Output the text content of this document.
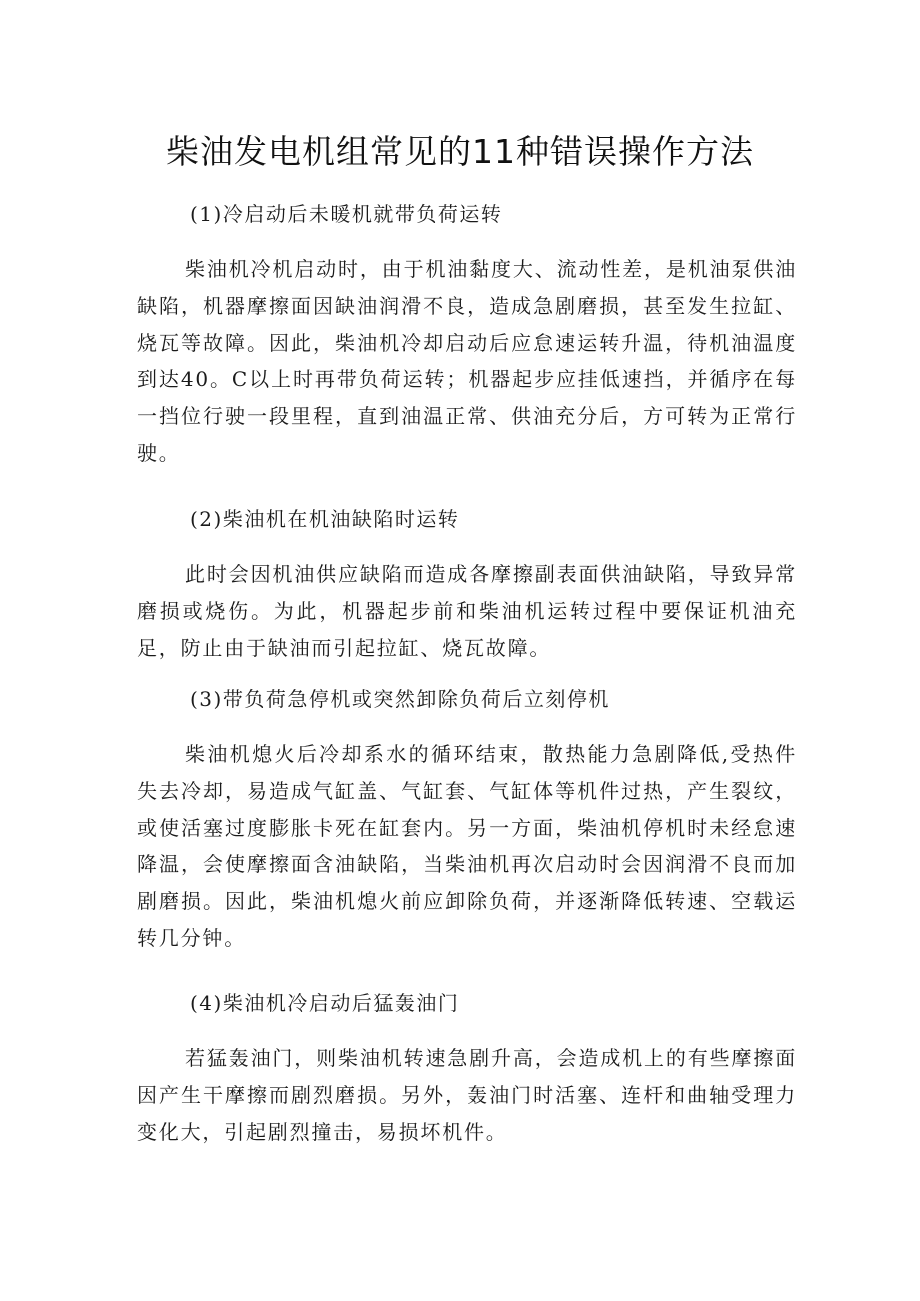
柴油发电机组常见的11种错误操作方法
(1)冷启动后未暖机就带负荷运转
柴油机冷机启动时，由于机油黏度大、流动性差，是机油泵供油缺陷，机器摩擦面因缺油润滑不良，造成急剧磨损，甚至发生拉缸、烧瓦等故障。因此，柴油机冷却启动后应怠速运转升温，待机油温度到达40。C以上时再带负荷运转；机器起步应挂低速挡，并循序在每一挡位行驶一段里程，直到油温正常、供油充分后，方可转为正常行驶。
(2)柴油机在机油缺陷时运转
此时会因机油供应缺陷而造成各摩擦副表面供油缺陷，导致异常磨损或烧伤。为此，机器起步前和柴油机运转过程中要保证机油充足，防止由于缺油而引起拉缸、烧瓦故障。
(3)带负荷急停机或突然卸除负荷后立刻停机
柴油机熄火后冷却系水的循环结束，散热能力急剧降低,受热件失去冷却，易造成气缸盖、气缸套、气缸体等机件过热，产生裂纹，或使活塞过度膨胀卡死在缸套内。另一方面，柴油机停机时未经怠速降温，会使摩擦面含油缺陷，当柴油机再次启动时会因润滑不良而加剧磨损。因此，柴油机熄火前应卸除负荷，并逐渐降低转速、空载运转几分钟。
(4)柴油机冷启动后猛轰油门
若猛轰油门，则柴油机转速急剧升高，会造成机上的有些摩擦面因产生干摩擦而剧烈磨损。另外，轰油门时活塞、连杆和曲轴受理力变化大，引起剧烈撞击，易损坏机件。
